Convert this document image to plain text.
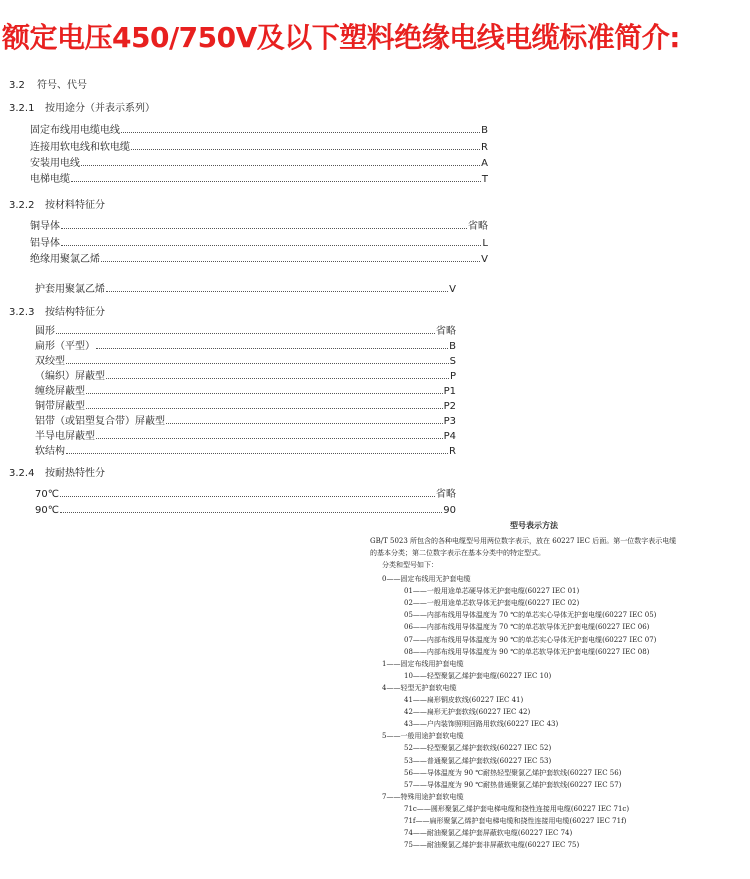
额定电压450/750V及以下塑料绝缘电线电缆标准简介:
3.2 符号、代号
3.2.1 按用途分（并表示系列）
固定布线用电缆电线	B
连接用软电线和软电缆	R
安装用电线	A
电梯电缆	T
3.2.2 按材料特征分
铜导体	省略
铝导体	L
绝缘用聚氯乙烯	V
护套用聚氯乙烯	V
3.2.3 按结构特征分
圆形	省略
扁形（平型）	B
双绞型	S
（编织）屏蔽型	P
缠绕屏蔽型	P1
铜带屏蔽型	P2
铝带（或铝塑复合带）屏蔽型	P3
半导电屏蔽型	P4
软结构	R
3.2.4 按耐热特性分
70℃	省略
90℃	90
型号表示方法
GB/T 5023 所包含的各种电缆型号用两位数字表示，放在 60227 IEC 后面。第一位数字表示电缆
的基本分类；第二位数字表示在基本分类中的特定型式。
分类和型号如下：
0——固定布线用无护套电缆
01——一般用途单芯硬导体无护套电缆(60227 IEC 01)
02——一般用途单芯软导体无护套电缆(60227 IEC 02)
05——内部布线用导体温度为 70 ℃的单芯实心导体无护套电缆(60227 IEC 05)
06——内部布线用导体温度为 70 ℃的单芯软导体无护套电缆(60227 IEC 06)
07——内部布线用导体温度为 90 ℃的单芯实心导体无护套电缆(60227 IEC 07)
08——内部布线用导体温度为 90 ℃的单芯软导体无护套电缆(60227 IEC 08)
1——固定布线用护套电缆
10——轻型聚氯乙烯护套电缆(60227 IEC 10)
4——轻型无护套软电缆
41——扁形铜皮软线(60227 IEC 41)
42——扁形无护套软线(60227 IEC 42)
43——户内装饰照明回路用软线(60227 IEC 43)
5——一般用途护套软电缆
52——轻型聚氯乙烯护套软线(60227 IEC 52)
53——普通聚氯乙烯护套软线(60227 IEC 53)
56——导体温度为 90 ℃耐热轻型聚氯乙烯护套软线(60227 IEC 56)
57——导体温度为 90 ℃耐热普通聚氯乙烯护套软线(60227 IEC 57)
7——特殊用途护套软电缆
71c——圆形聚氯乙烯护套电梯电缆和挠性连接用电缆(60227 IEC 71c)
71f——扁形聚氯乙烯护套电梯电缆和挠性连接用电缆(60227 IEC 71f)
74——耐油聚氯乙烯护套屏蔽软电缆(60227 IEC 74)
75——耐油聚氯乙烯护套非屏蔽软电缆(60227 IEC 75)
